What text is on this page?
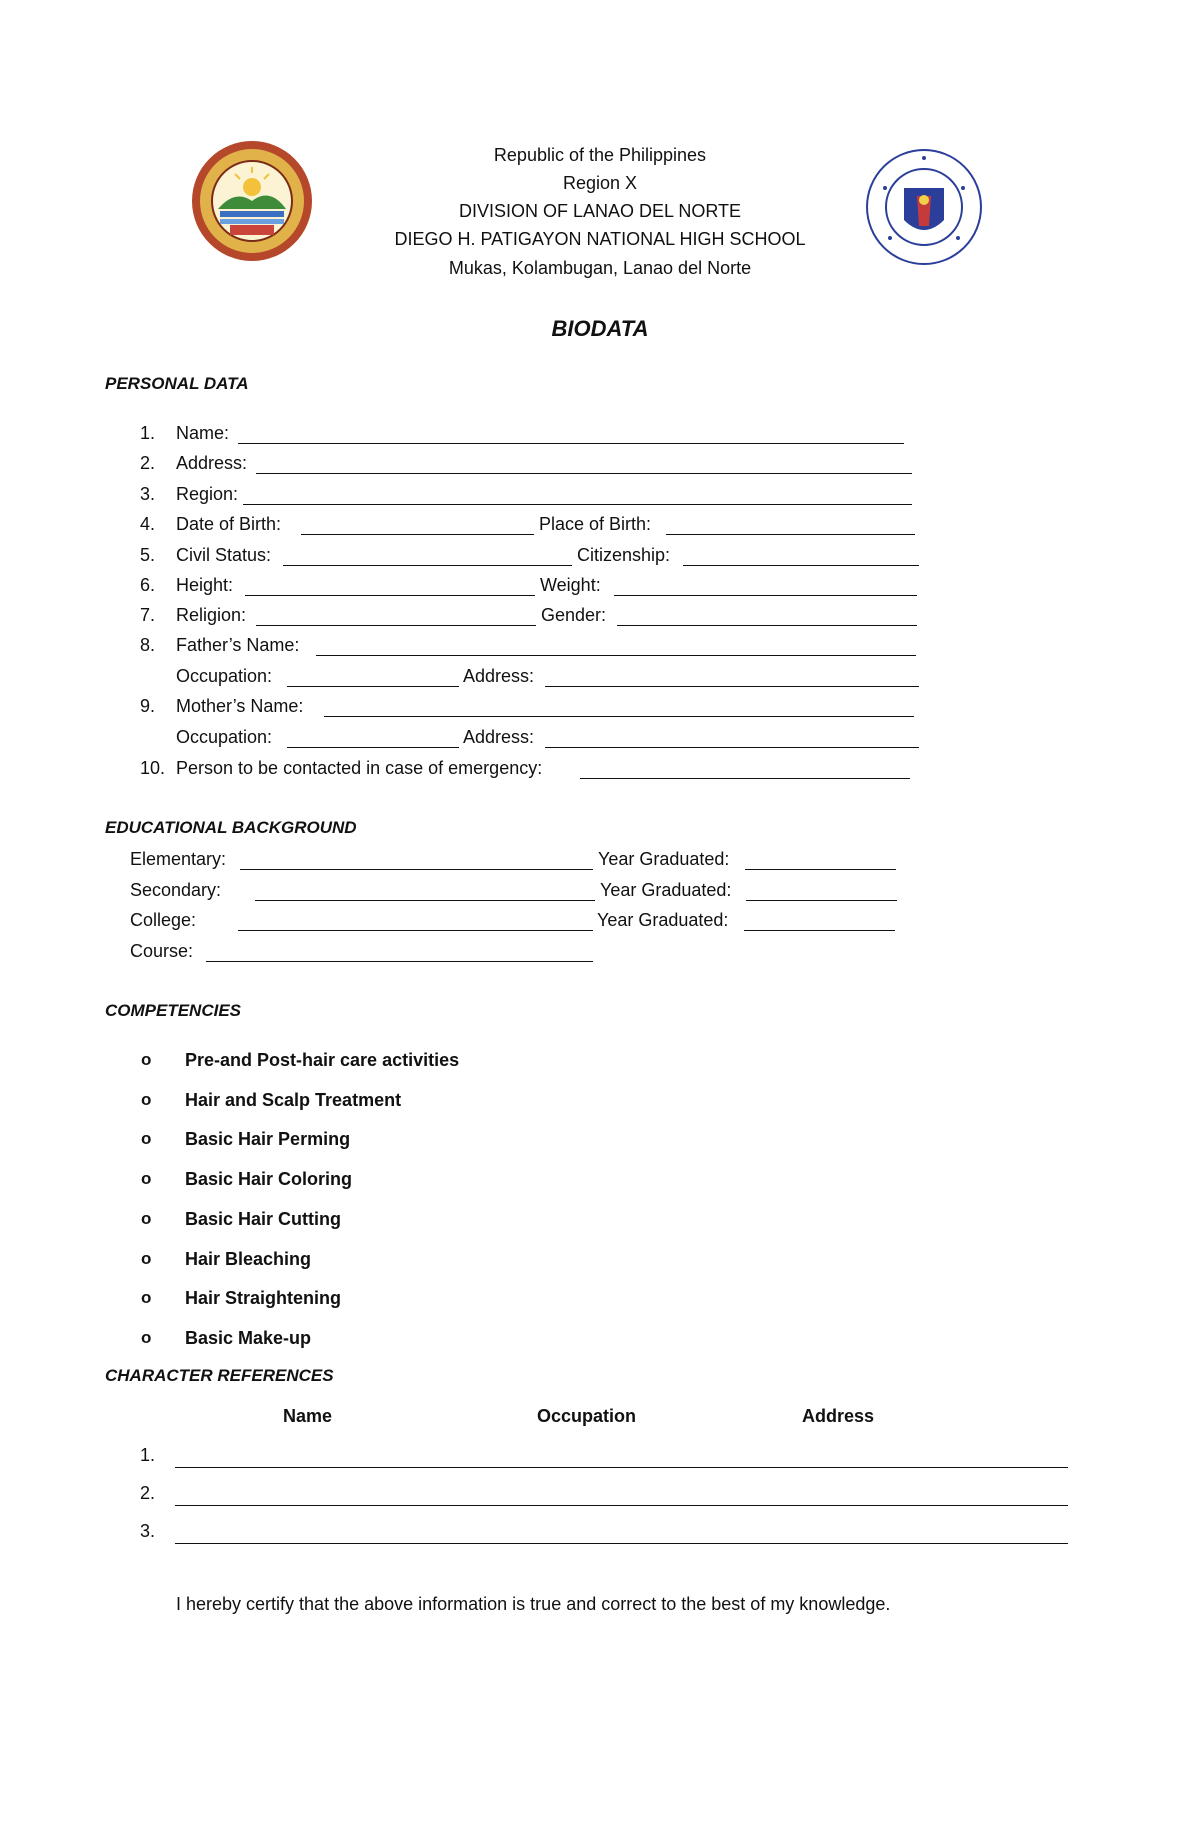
Republic of the Philippines
Region X
DIVISION OF LANAO DEL NORTE
DIEGO H. PATIGAYON NATIONAL HIGH SCHOOL
Mukas, Kolambugan, Lanao del Norte
BIODATA
PERSONAL DATA
1. Name:
2. Address:
3. Region:
4. Date of Birth:	Place of Birth:
5. Civil Status:	Citizenship:
6. Height:	Weight:
7. Religion:	Gender:
8. Father’s Name:
Occupation:	Address:
9. Mother’s Name:
Occupation:	Address:
10. Person to be contacted in case of emergency:
EDUCATIONAL BACKGROUND
Elementary:	Year Graduated:
Secondary:	Year Graduated:
College:	Year Graduated:
Course:
COMPETENCIES
o Pre-and Post-hair care activities
o Hair and Scalp Treatment
o Basic Hair Perming
o Basic Hair Coloring
o Basic Hair Cutting
o Hair Bleaching
o Hair Straightening
o Basic Make-up
CHARACTER REFERENCES
Name	Occupation	Address
1.
2.
3.
I hereby certify that the above information is true and correct to the best of my knowledge.
